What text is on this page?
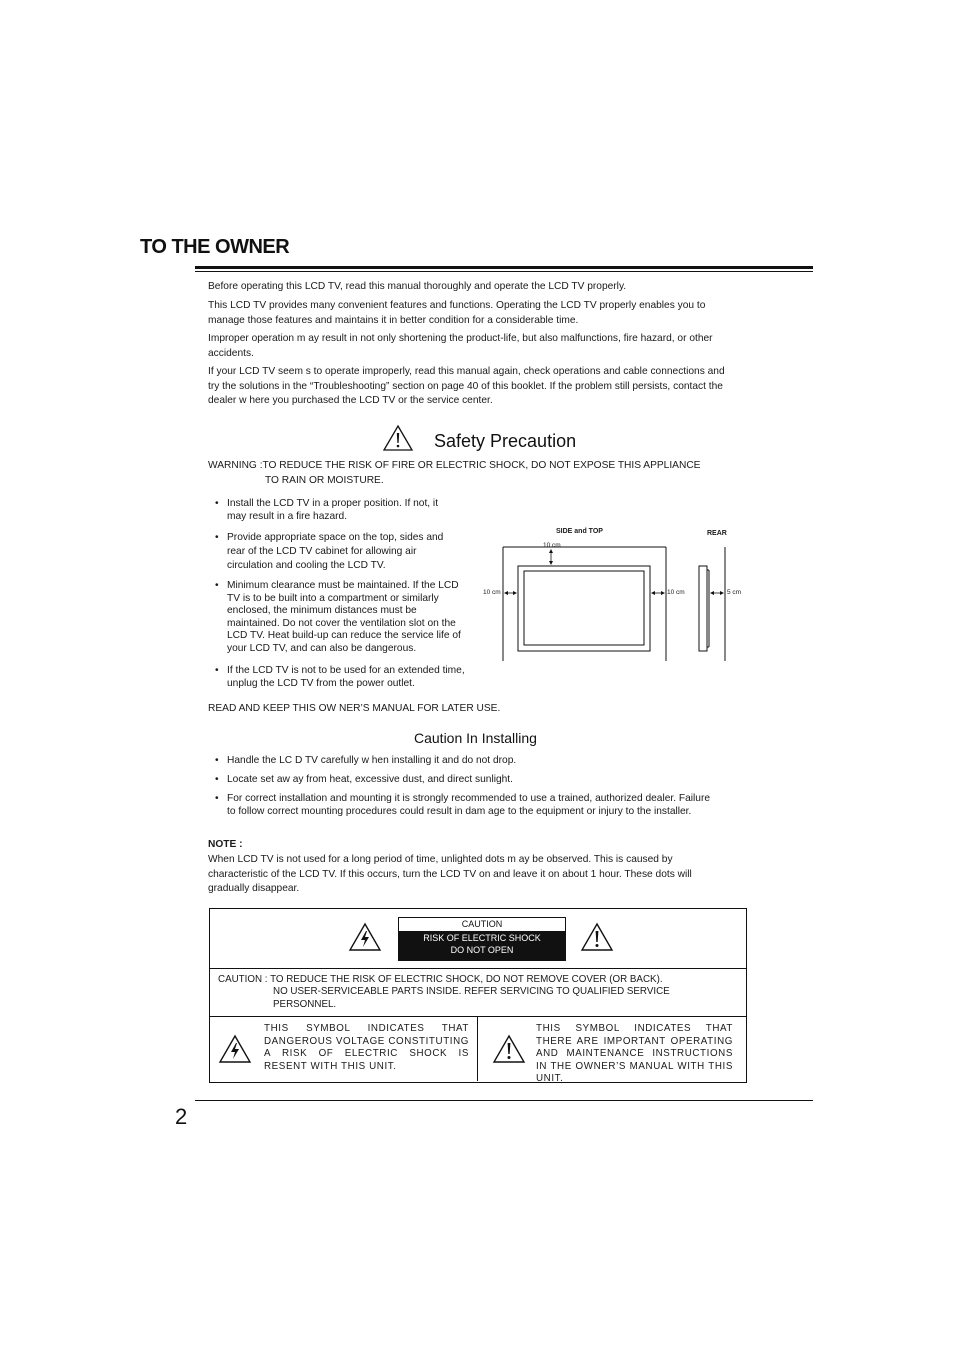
TO THE OWNER
Before operating this LCD TV, read this manual thoroughly and operate the LCD TV properly.
This LCD TV provides many convenient features and functions. Operating the LCD TV properly enables you to manage those features and maintains it in better condition for a considerable time.
Improper operation m ay result in not only shortening the product-life, but also malfunctions, fire hazard, or other accidents.
If your LCD TV seem s to operate improperly, read this manual again, check operations and cable connections and try the solutions in the “Troubleshooting” section on page 40 of this booklet. If the problem still persists, contact the dealer w here you purchased the LCD TV or the service center.
Safety Precaution
WARNING :TO REDUCE THE RISK OF FIRE OR ELECTRIC SHOCK, DO NOT EXPOSE THIS APPLIANCE
TO RAIN OR MOISTURE.
• Install the LCD TV in a proper position. If not, it may result in a fire hazard.
• Provide appropriate space on the top, sides and rear of the LCD TV cabinet for allowing air circulation and cooling the LCD TV.
• Minimum clearance must be maintained. If the LCD TV is to be built into a compartment or similarly enclosed, the minimum distances must be maintained. Do not cover the ventilation slot on the LCD TV. Heat build-up can reduce the service life of your LCD TV, and can also be dangerous.
• If the LCD TV is not to be used for an extended time, unplug the LCD TV from the power outlet.
SIDE and TOP	REAR
10 cm
10 cm	10 cm	5 cm
READ AND KEEP THIS OW NER’S MANUAL FOR LATER USE.
Caution In Installing
• Handle the LC D TV carefully w hen installing it and do not drop.
• Locate set aw ay from heat, excessive dust, and direct sunlight.
• For correct installation and mounting it is strongly recommended to use a trained, authorized dealer. Failure to follow correct mounting procedures could result in dam age to the equipment or injury to the installer.
NOTE :
When LCD TV is not used for a long period of time, unlighted dots m ay be observed. This is caused by characteristic of the LCD TV. If this occurs, turn the LCD TV on and leave it on about 1 hour. These dots will gradually disappear.
CAUTION
RISK OF ELECTRIC SHOCK
DO NOT OPEN
CAUTION : TO REDUCE THE RISK OF ELECTRIC SHOCK, DO NOT REMOVE COVER (OR BACK).
NO USER-SERVICEABLE PARTS INSIDE. REFER SERVICING TO QUALIFIED SERVICE
PERSONNEL.
THIS SYMBOL INDICATES THAT DANGEROUS VOLTAGE CONSTITUTING A RISK OF ELECTRIC SHOCK IS RESENT WITH THIS UNIT.
THIS SYMBOL INDICATES THAT THERE ARE IMPORTANT OPERATING AND MAINTENANCE INSTRUCTIONS IN THE OWNER’S MANUAL WITH THIS UNIT.
2
